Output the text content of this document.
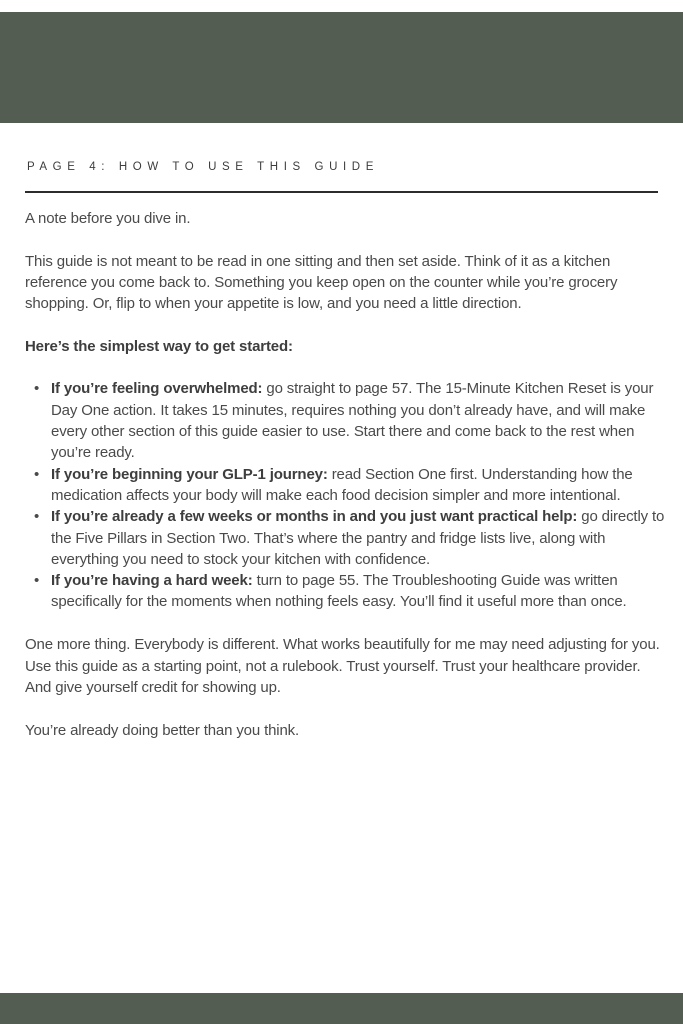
PAGE 4: HOW TO USE THIS GUIDE

A note before you dive in.

This guide is not meant to be read in one sitting and then set aside. Think of it as a kitchen reference you come back to. Something you keep open on the counter while you’re grocery shopping. Or, flip to when your appetite is low, and you need a little direction.

Here’s the simplest way to get started:

• If you’re feeling overwhelmed: go straight to page 57. The 15-Minute Kitchen Reset is your Day One action. It takes 15 minutes, requires nothing you don’t already have, and will make every other section of this guide easier to use. Start there and come back to the rest when you’re ready.
• If you’re beginning your GLP-1 journey: read Section One first. Understanding how the medication affects your body will make each food decision simpler and more intentional.
• If you’re already a few weeks or months in and you just want practical help: go directly to the Five Pillars in Section Two. That’s where the pantry and fridge lists live, along with everything you need to stock your kitchen with confidence.
• If you’re having a hard week: turn to page 55. The Troubleshooting Guide was written specifically for the moments when nothing feels easy. You’ll find it useful more than once.

One more thing. Everybody is different. What works beautifully for me may need adjusting for you. Use this guide as a starting point, not a rulebook. Trust yourself. Trust your healthcare provider. And give yourself credit for showing up.

You’re already doing better than you think.
